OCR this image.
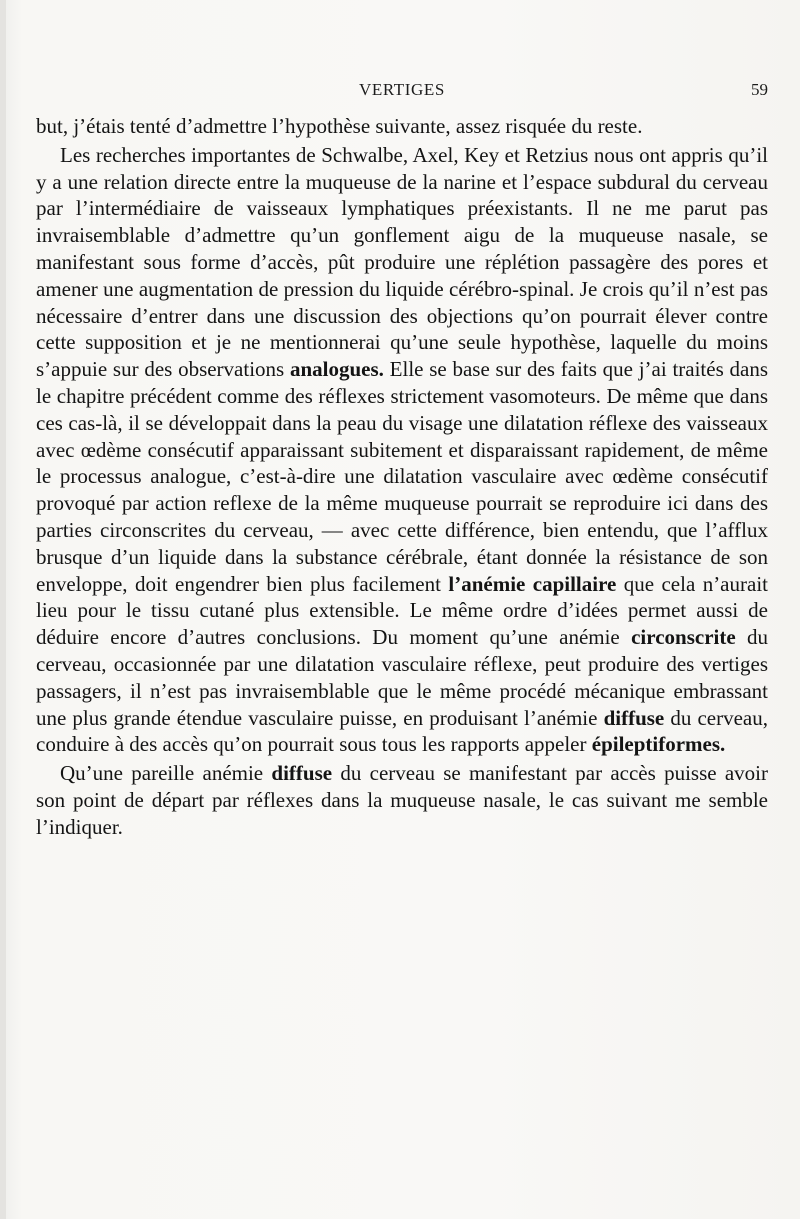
VERTIGES	59

but, j’étais tenté d’admettre l’hypothèse suivante, assez risquée du reste.

Les recherches importantes de Schwalbe, Axel, Key et Retzius nous ont appris qu’il y a une relation directe entre la muqueuse de la narine et l’espace subdural du cerveau par l’intermédiaire de vaisseaux lymphatiques préexistants. Il ne me parut pas invraisemblable d’admettre qu’un gonflement aigu de la muqueuse nasale, se manifestant sous forme d’accès, pût produire une réplétion passagère des pores et amener une augmentation de pression du liquide cérébro-spinal. Je crois qu’il n’est pas nécessaire d’entrer dans une discussion des objections qu’on pourrait élever contre cette supposition et je ne mentionnerai qu’une seule hypothèse, laquelle du moins s’appuie sur des observations analogues. Elle se base sur des faits que j’ai traités dans le chapitre précédent comme des réflexes strictement vasomoteurs. De même que dans ces cas-là, il se développait dans la peau du visage une dilatation réflexe des vaisseaux avec œdème consécutif apparaissant subitement et disparaissant rapidement, de même le processus analogue, c’est-à-dire une dilatation vasculaire avec œdème consécutif provoqué par action reflexe de la même muqueuse pourrait se reproduire ici dans des parties circonscrites du cerveau, — avec cette différence, bien entendu, que l’afflux brusque d’un liquide dans la substance cérébrale, étant donnée la résistance de son enveloppe, doit engendrer bien plus facilement l’anémie capillaire que cela n’aurait lieu pour le tissu cutané plus extensible. Le même ordre d’idées permet aussi de déduire encore d’autres conclusions. Du moment qu’une anémie circonscrite du cerveau, occasionnée par une dilatation vasculaire réflexe, peut produire des vertiges passagers, il n’est pas invraisemblable que le même procédé mécanique embrassant une plus grande étendue vasculaire puisse, en produisant l’anémie diffuse du cerveau, conduire à des accès qu’on pourrait sous tous les rapports appeler épileptiformes.

Qu’une pareille anémie diffuse du cerveau se manifestant par accès puisse avoir son point de départ par réflexes dans la muqueuse nasale, le cas suivant me semble l’indiquer.
